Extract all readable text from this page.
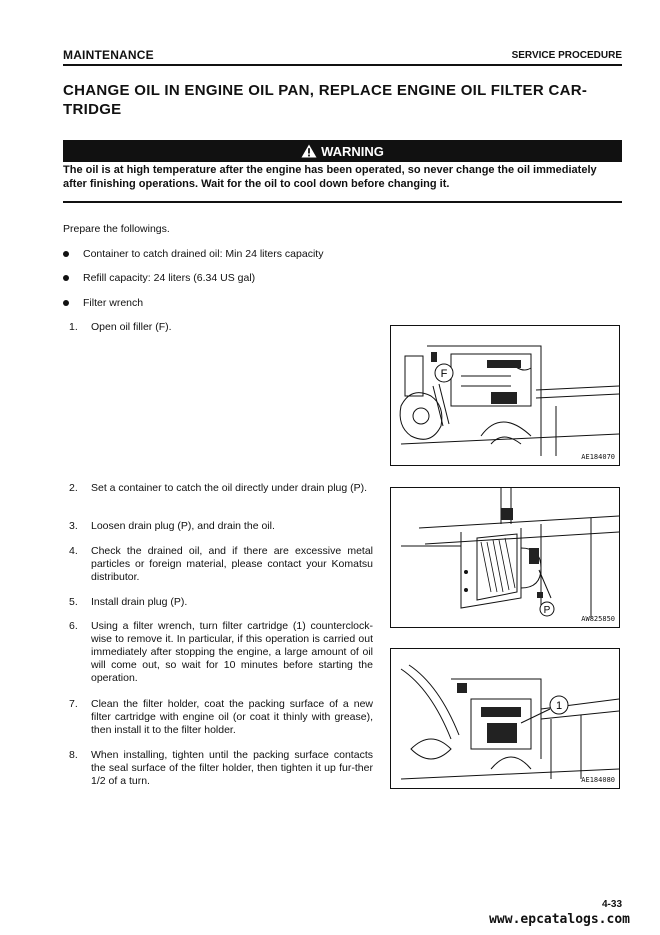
MAINTENANCE	SERVICE PROCEDURE
CHANGE OIL IN ENGINE OIL PAN, REPLACE ENGINE OIL FILTER CAR-TRIDGE
WARNING
The oil is at high temperature after the engine has been operated, so never change the oil immediately after finishing operations. Wait for the oil to cool down before changing it.
Prepare the followings.
Container to catch drained oil: Min 24 liters capacity
Refill capacity: 24 liters (6.34 US gal)
Filter wrench
1. Open oil filler (F).
2. Set a container to catch the oil directly under drain plug (P).
3. Loosen drain plug (P), and drain the oil.
4. Check the drained oil, and if there are excessive metal particles or foreign material, please contact your Komatsu distributor.
5. Install drain plug (P).
6. Using a filter wrench, turn filter cartridge (1) counterclock-wise to remove it. In particular, if this operation is carried out immediately after stopping the engine, a large amount of oil will come out, so wait for 10 minutes before starting the operation.
7. Clean the filter holder, coat the packing surface of a new filter cartridge with engine oil (or coat it thinly with grease), then install it to the filter holder.
8. When installing, tighten until the packing surface contacts the seal surface of the filter holder, then tighten it up fur-ther 1/2 of a turn.
F
AE184070
P
AW825850
1
AE184080
4-33
www.epcatalogs.com
